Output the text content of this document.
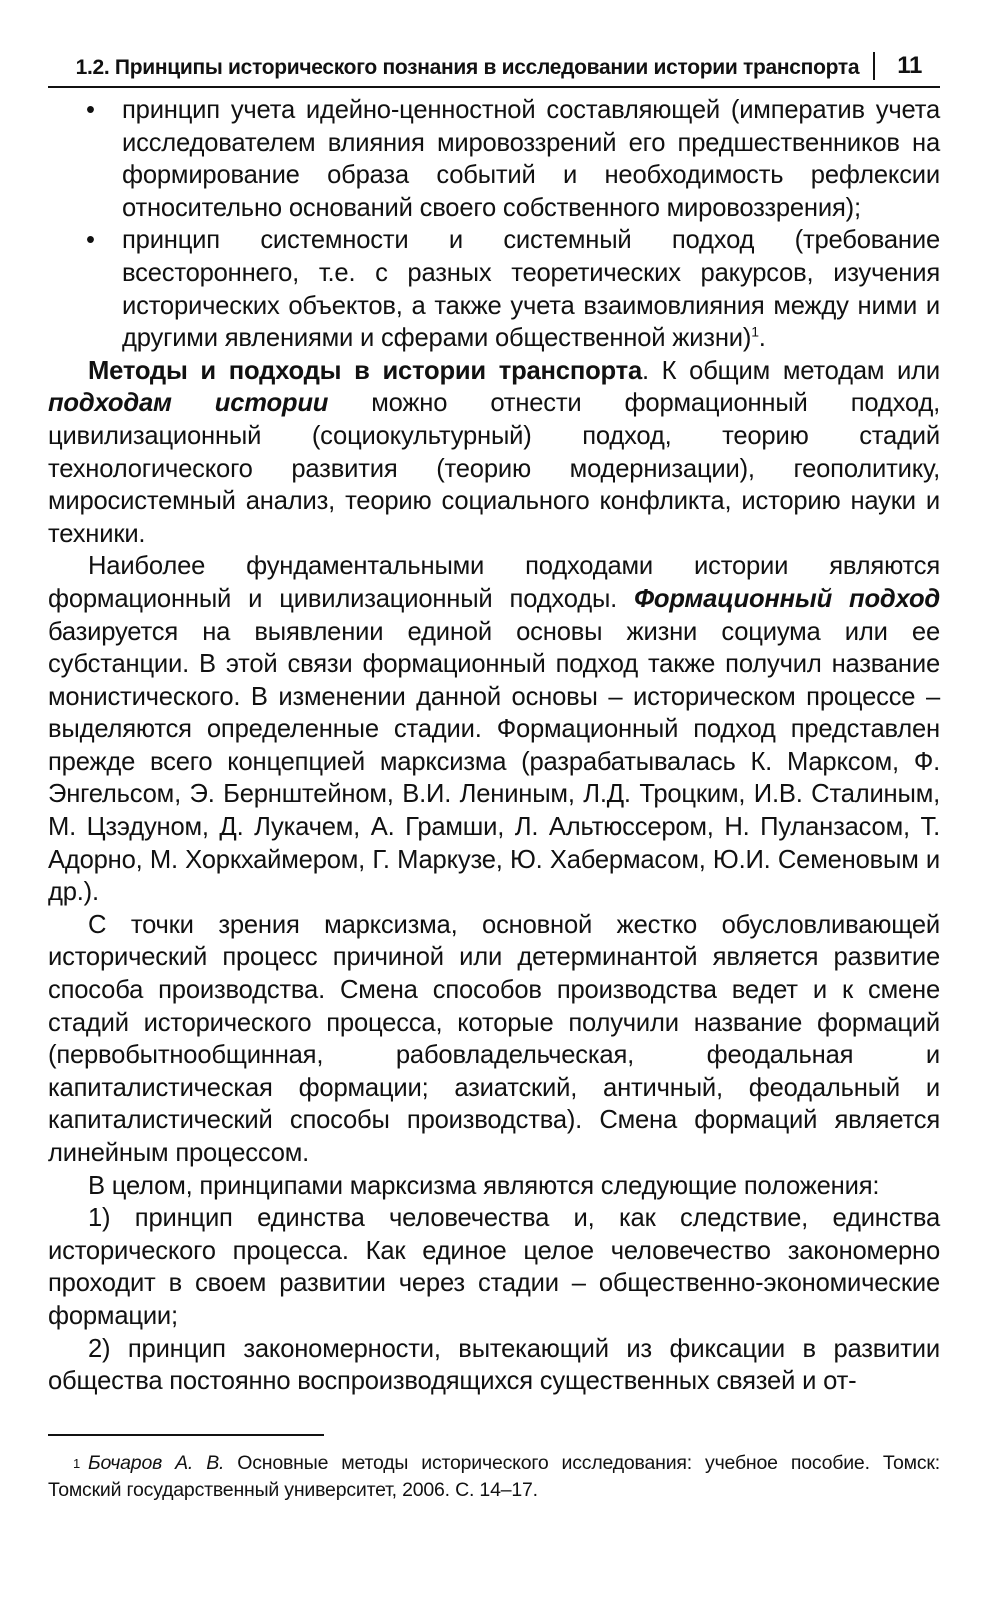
1.2. Принципы исторического познания в исследовании истории транспорта 11
• принцип учета идейно-ценностной составляющей (императив учета исследователем влияния мировоззрений его предшественников на формирование образа событий и необходимость рефлексии относительно оснований своего собственного мировоззрения);
• принцип системности и системный подход (требование всестороннего, т.е. с разных теоретических ракурсов, изучения исторических объектов, а также учета взаимовлияния между ними и другими явлениями и сферами общественной жизни)$^1$.

Методы и подходы в истории транспорта. К общим методам или подходам истории можно отнести формационный подход, цивилизационный (социокультурный) подход, теорию стадий технологического развития (теорию модернизации), геополитику, миросистемный анализ, теорию социального конфликта, историю науки и техники.

Наиболее фундаментальными подходами истории являются формационный и цивилизационный подходы. Формационный подход базируется на выявлении единой основы жизни социума или ее субстанции. В этой связи формационный подход также получил название монистического. В изменении данной основы – историческом процессе – выделяются определенные стадии. Формационный подход представлен прежде всего концепцией марксизма (разрабатывалась К. Марксом, Ф. Энгельсом, Э. Бернштейном, В.И. Лениным, Л.Д. Троцким, И.В. Сталиным, М. Цзэдуном, Д. Лукачем, А. Грамши, Л. Альтюссером, Н. Пуланзасом, Т. Адорно, М. Хоркхаймером, Г. Маркузе, Ю. Хабермасом, Ю.И. Семеновым и др.).

С точки зрения марксизма, основной жестко обусловливающей исторический процесс причиной или детерминантой является развитие способа производства. Смена способов производства ведет и к смене стадий исторического процесса, которые получили название формаций (первобытнообщинная, рабовладельческая, феодальная и капиталистическая формации; азиатский, античный, феодальный и капиталистический способы производства). Смена формаций является линейным процессом.

В целом, принципами марксизма являются следующие положения:

1) принцип единства человечества и, как следствие, единства исторического процесса. Как единое целое человечество закономерно проходит в своем развитии через стадии – общественно-экономические формации;

2) принцип закономерности, вытекающий из фиксации в развитии общества постоянно воспроизводящихся существенных связей и от-

1 Бочаров А. В. Основные методы исторического исследования: учебное пособие. Томск: Томский государственный университет, 2006. С. 14–17.
